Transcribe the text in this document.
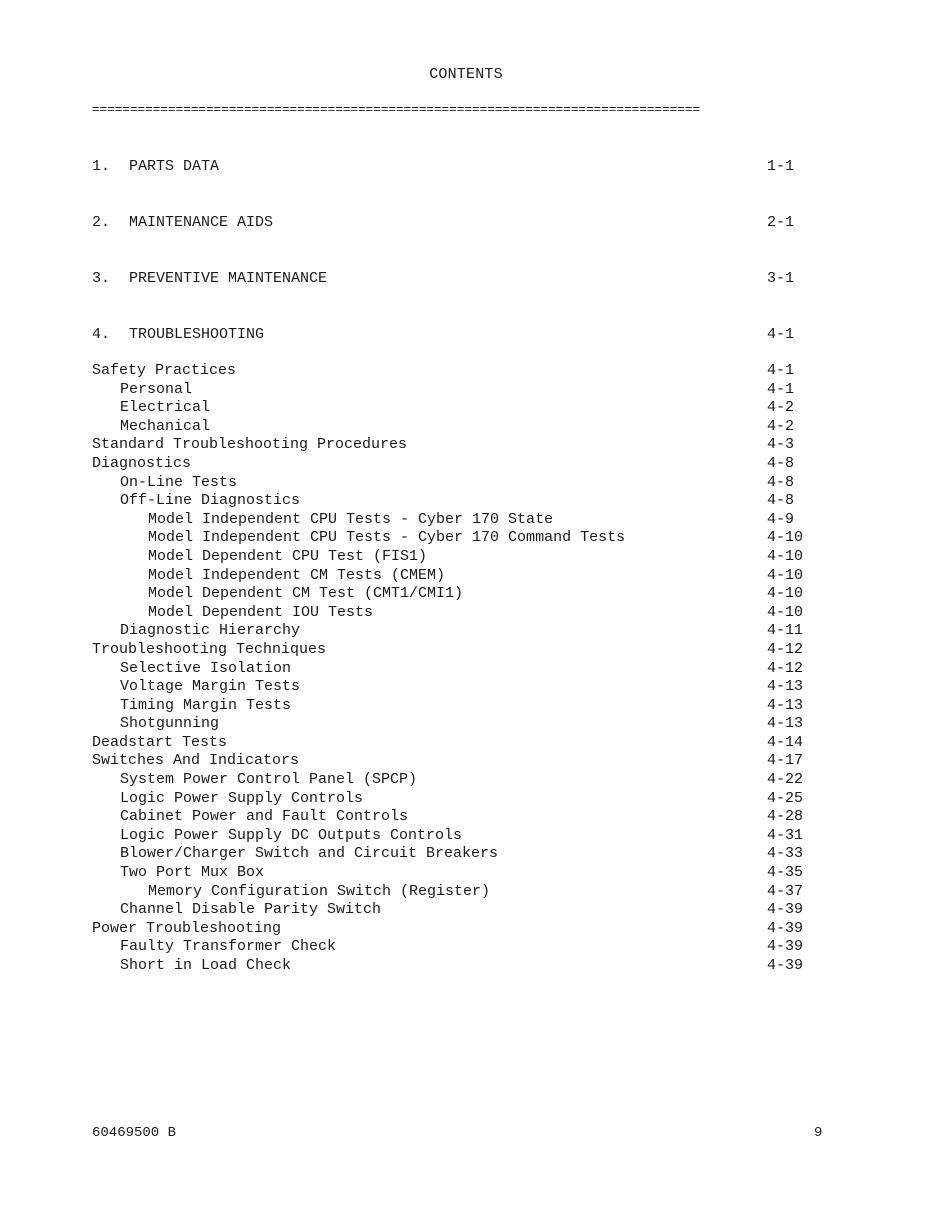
CONTENTS
================================================================================
1. PARTS DATA	1-1
2. MAINTENANCE AIDS	2-1
3. PREVENTIVE MAINTENANCE	3-1
4. TROUBLESHOOTING	4-1
Safety Practices	4-1
Personal	4-1
Electrical	4-2
Mechanical	4-2
Standard Troubleshooting Procedures	4-3
Diagnostics	4-8
On-Line Tests	4-8
Off-Line Diagnostics	4-8
Model Independent CPU Tests - Cyber 170 State	4-9
Model Independent CPU Tests - Cyber 170 Command Tests	4-10
Model Dependent CPU Test (FIS1)	4-10
Model Independent CM Tests (CMEM)	4-10
Model Dependent CM Test (CMT1/CMI1)	4-10
Model Dependent IOU Tests	4-10
Diagnostic Hierarchy	4-11
Troubleshooting Techniques	4-12
Selective Isolation	4-12
Voltage Margin Tests	4-13
Timing Margin Tests	4-13
Shotgunning	4-13
Deadstart Tests	4-14
Switches And Indicators	4-17
System Power Control Panel (SPCP)	4-22
Logic Power Supply Controls	4-25
Cabinet Power and Fault Controls	4-28
Logic Power Supply DC Outputs Controls	4-31
Blower/Charger Switch and Circuit Breakers	4-33
Two Port Mux Box	4-35
Memory Configuration Switch (Register)	4-37
Channel Disable Parity Switch	4-39
Power Troubleshooting	4-39
Faulty Transformer Check	4-39
Short in Load Check	4-39
60469500 B	9
